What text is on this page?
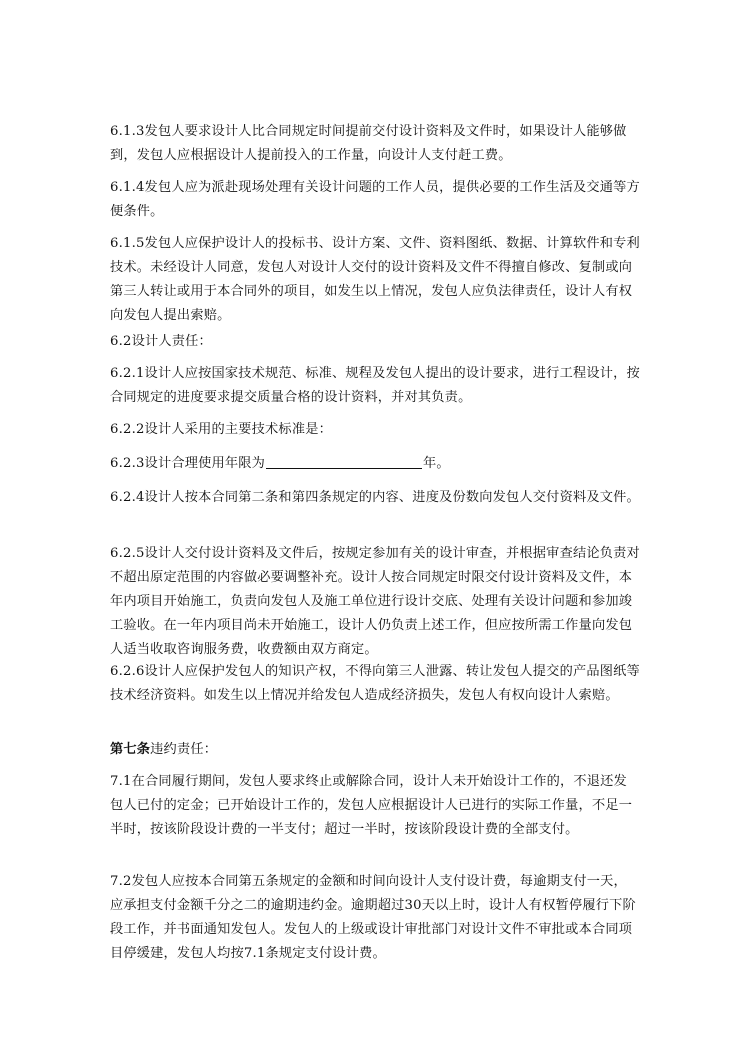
6.1.3发包人要求设计人比合同规定时间提前交付设计资料及文件时，如果设计人能够做到，发包人应根据设计人提前投入的工作量，向设计人支付赶工费。

6.1.4发包人应为派赴现场处理有关设计问题的工作人员，提供必要的工作生活及交通等方便条件。

6.1.5发包人应保护设计人的投标书、设计方案、文件、资料图纸、数据、计算软件和专利技术。未经设计人同意，发包人对设计人交付的设计资料及文件不得擅自修改、复制或向第三人转让或用于本合同外的项目，如发生以上情况，发包人应负法律责任，设计人有权向发包人提出索赔。

6.2设计人责任：

6.2.1设计人应按国家技术规范、标准、规程及发包人提出的设计要求，进行工程设计，按合同规定的进度要求提交质量合格的设计资料，并对其负责。

6.2.2设计人采用的主要技术标准是：

6.2.3设计合理使用年限为	年。

6.2.4设计人按本合同第二条和第四条规定的内容、进度及份数向发包人交付资料及文件。

6.2.5设计人交付设计资料及文件后，按规定参加有关的设计审查，并根据审查结论负责对不超出原定范围的内容做必要调整补充。设计人按合同规定时限交付设计资料及文件，本年内项目开始施工，负责向发包人及施工单位进行设计交底、处理有关设计问题和参加竣工验收。在一年内项目尚未开始施工，设计人仍负责上述工作，但应按所需工作量向发包人适当收取咨询服务费，收费额由双方商定。

6.2.6设计人应保护发包人的知识产权，不得向第三人泄露、转让发包人提交的产品图纸等技术经济资料。如发生以上情况并给发包人造成经济损失，发包人有权向设计人索赔。

第七条违约责任：

7.1在合同履行期间，发包人要求终止或解除合同，设计人未开始设计工作的，不退还发包人已付的定金；已开始设计工作的，发包人应根据设计人已进行的实际工作量，不足一半时，按该阶段设计费的一半支付；超过一半时，按该阶段设计费的全部支付。

7.2发包人应按本合同第五条规定的金额和时间向设计人支付设计费，每逾期支付一天，应承担支付金额千分之二的逾期违约金。逾期超过30天以上时，设计人有权暂停履行下阶段工作，并书面通知发包人。发包人的上级或设计审批部门对设计文件不审批或本合同项目停缓建，发包人均按7.1条规定支付设计费。
